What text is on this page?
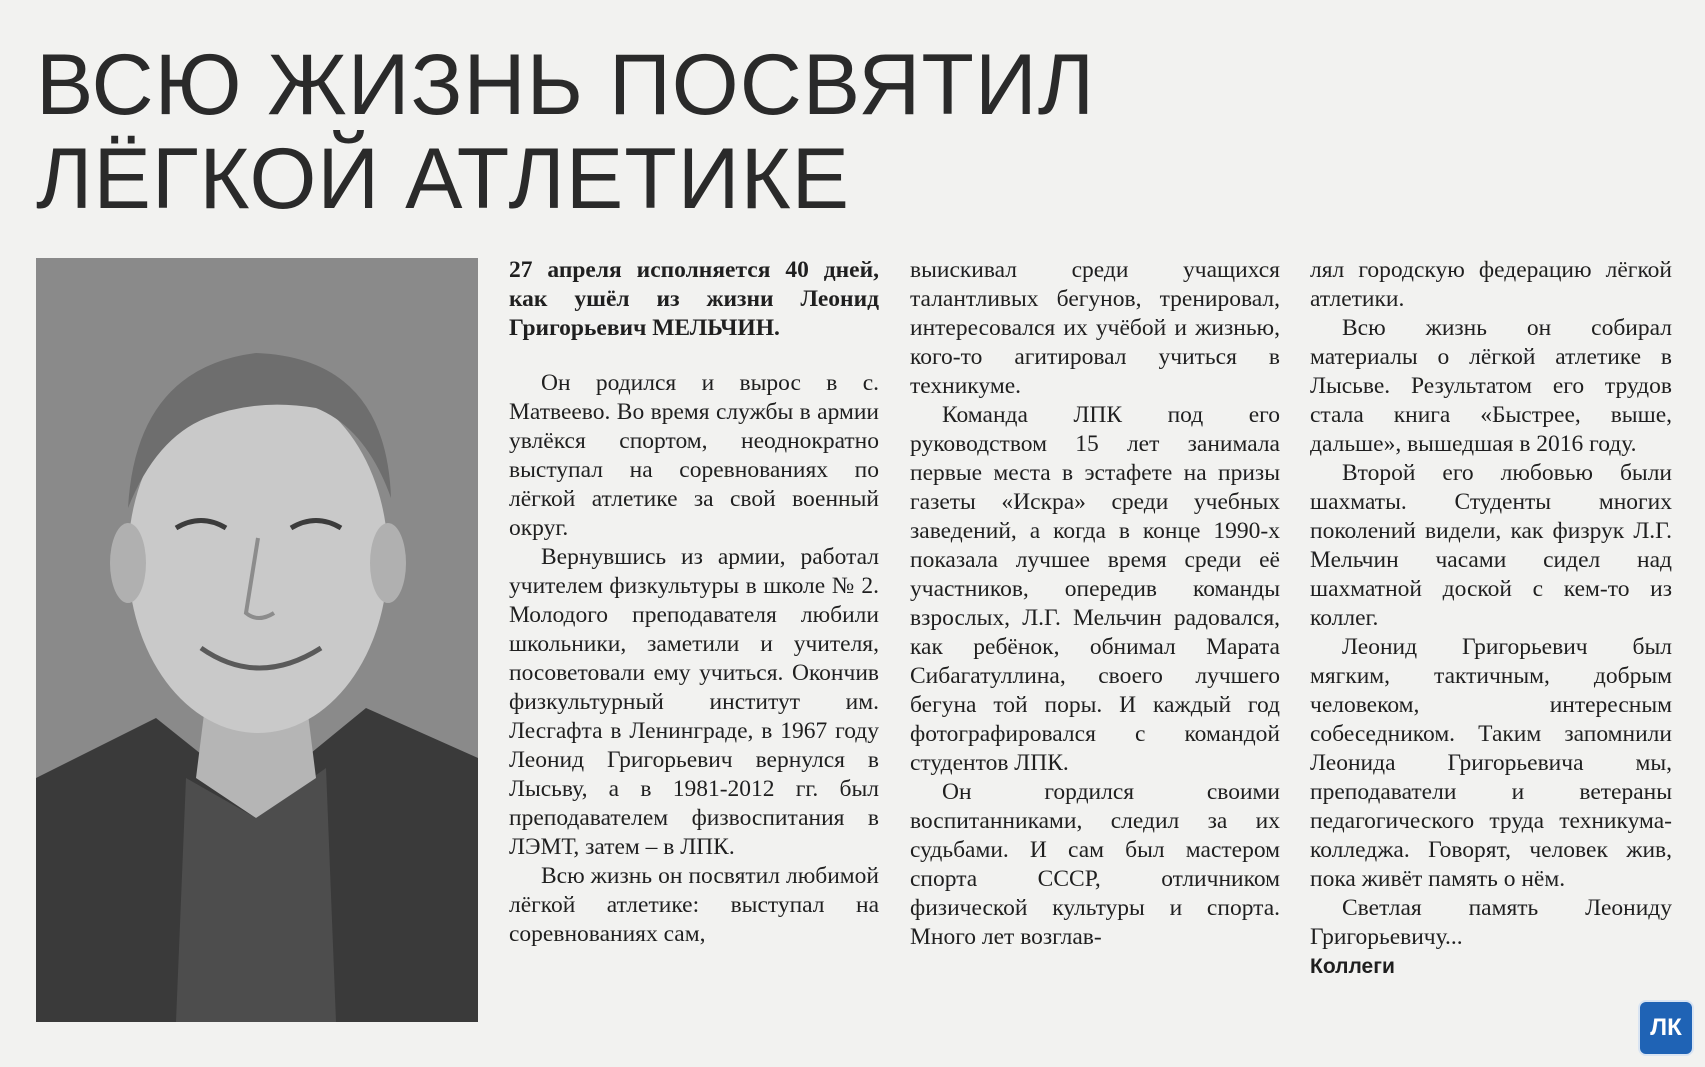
ВСЮ ЖИЗНЬ ПОСВЯТИЛ
ЛЁГКОЙ АТЛЕТИКЕ

27 апреля исполняется 40 дней, как ушёл из жизни Леонид Григорьевич МЕЛЬЧИН.

Он родился и вырос в с. Матвеево. Во время службы в армии увлёкся спортом, неоднократно выступал на соревнованиях по лёгкой атлетике за свой военный округ.

Вернувшись из армии, работал учителем физкультуры в школе № 2. Молодого преподавателя любили школьники, заметили и учителя, посоветовали ему учиться. Окончив физкультурный институт им. Лесгафта в Ленинграде, в 1967 году Леонид Григорьевич вернулся в Лысьву, а в 1981-2012 гг. был преподавателем физвоспитания в ЛЭМТ, затем – в ЛПК.

Всю жизнь он посвятил любимой лёгкой атлетике: выступал на соревнованиях сам,

выискивал среди учащихся талантливых бегунов, тренировал, интересовался их учёбой и жизнью, кого-то агитировал учиться в техникуме.

Команда ЛПК под его руководством 15 лет занимала первые места в эстафете на призы газеты «Искра» среди учебных заведений, а когда в конце 1990-х показала лучшее время среди её участников, опередив команды взрослых, Л.Г. Мельчин радовался, как ребёнок, обнимал Марата Сибагатуллина, своего лучшего бегуна той поры. И каждый год фотографировался с командой студентов ЛПК.

Он гордился своими воспитанниками, следил за их судьбами. И сам был мастером спорта СССР, отличником физической культуры и спорта. Много лет возглав-

лял городскую федерацию лёгкой атлетики.

Всю жизнь он собирал материалы о лёгкой атлетике в Лысьве. Результатом его трудов стала книга «Быстрее, выше, дальше», вышедшая в 2016 году.

Второй его любовью были шахматы. Студенты многих поколений видели, как физрук Л.Г. Мельчин часами сидел над шахматной доской с кем-то из коллег.

Леонид Григорьевич был мягким, тактичным, добрым человеком, интересным собеседником. Таким запомнили Леонида Григорьевича мы, преподаватели и ветераны педагогического труда техникума-колледжа. Говорят, человек жив, пока живёт память о нём.

Светлая память Леониду Григорьевичу...

Коллеги

ЛК
